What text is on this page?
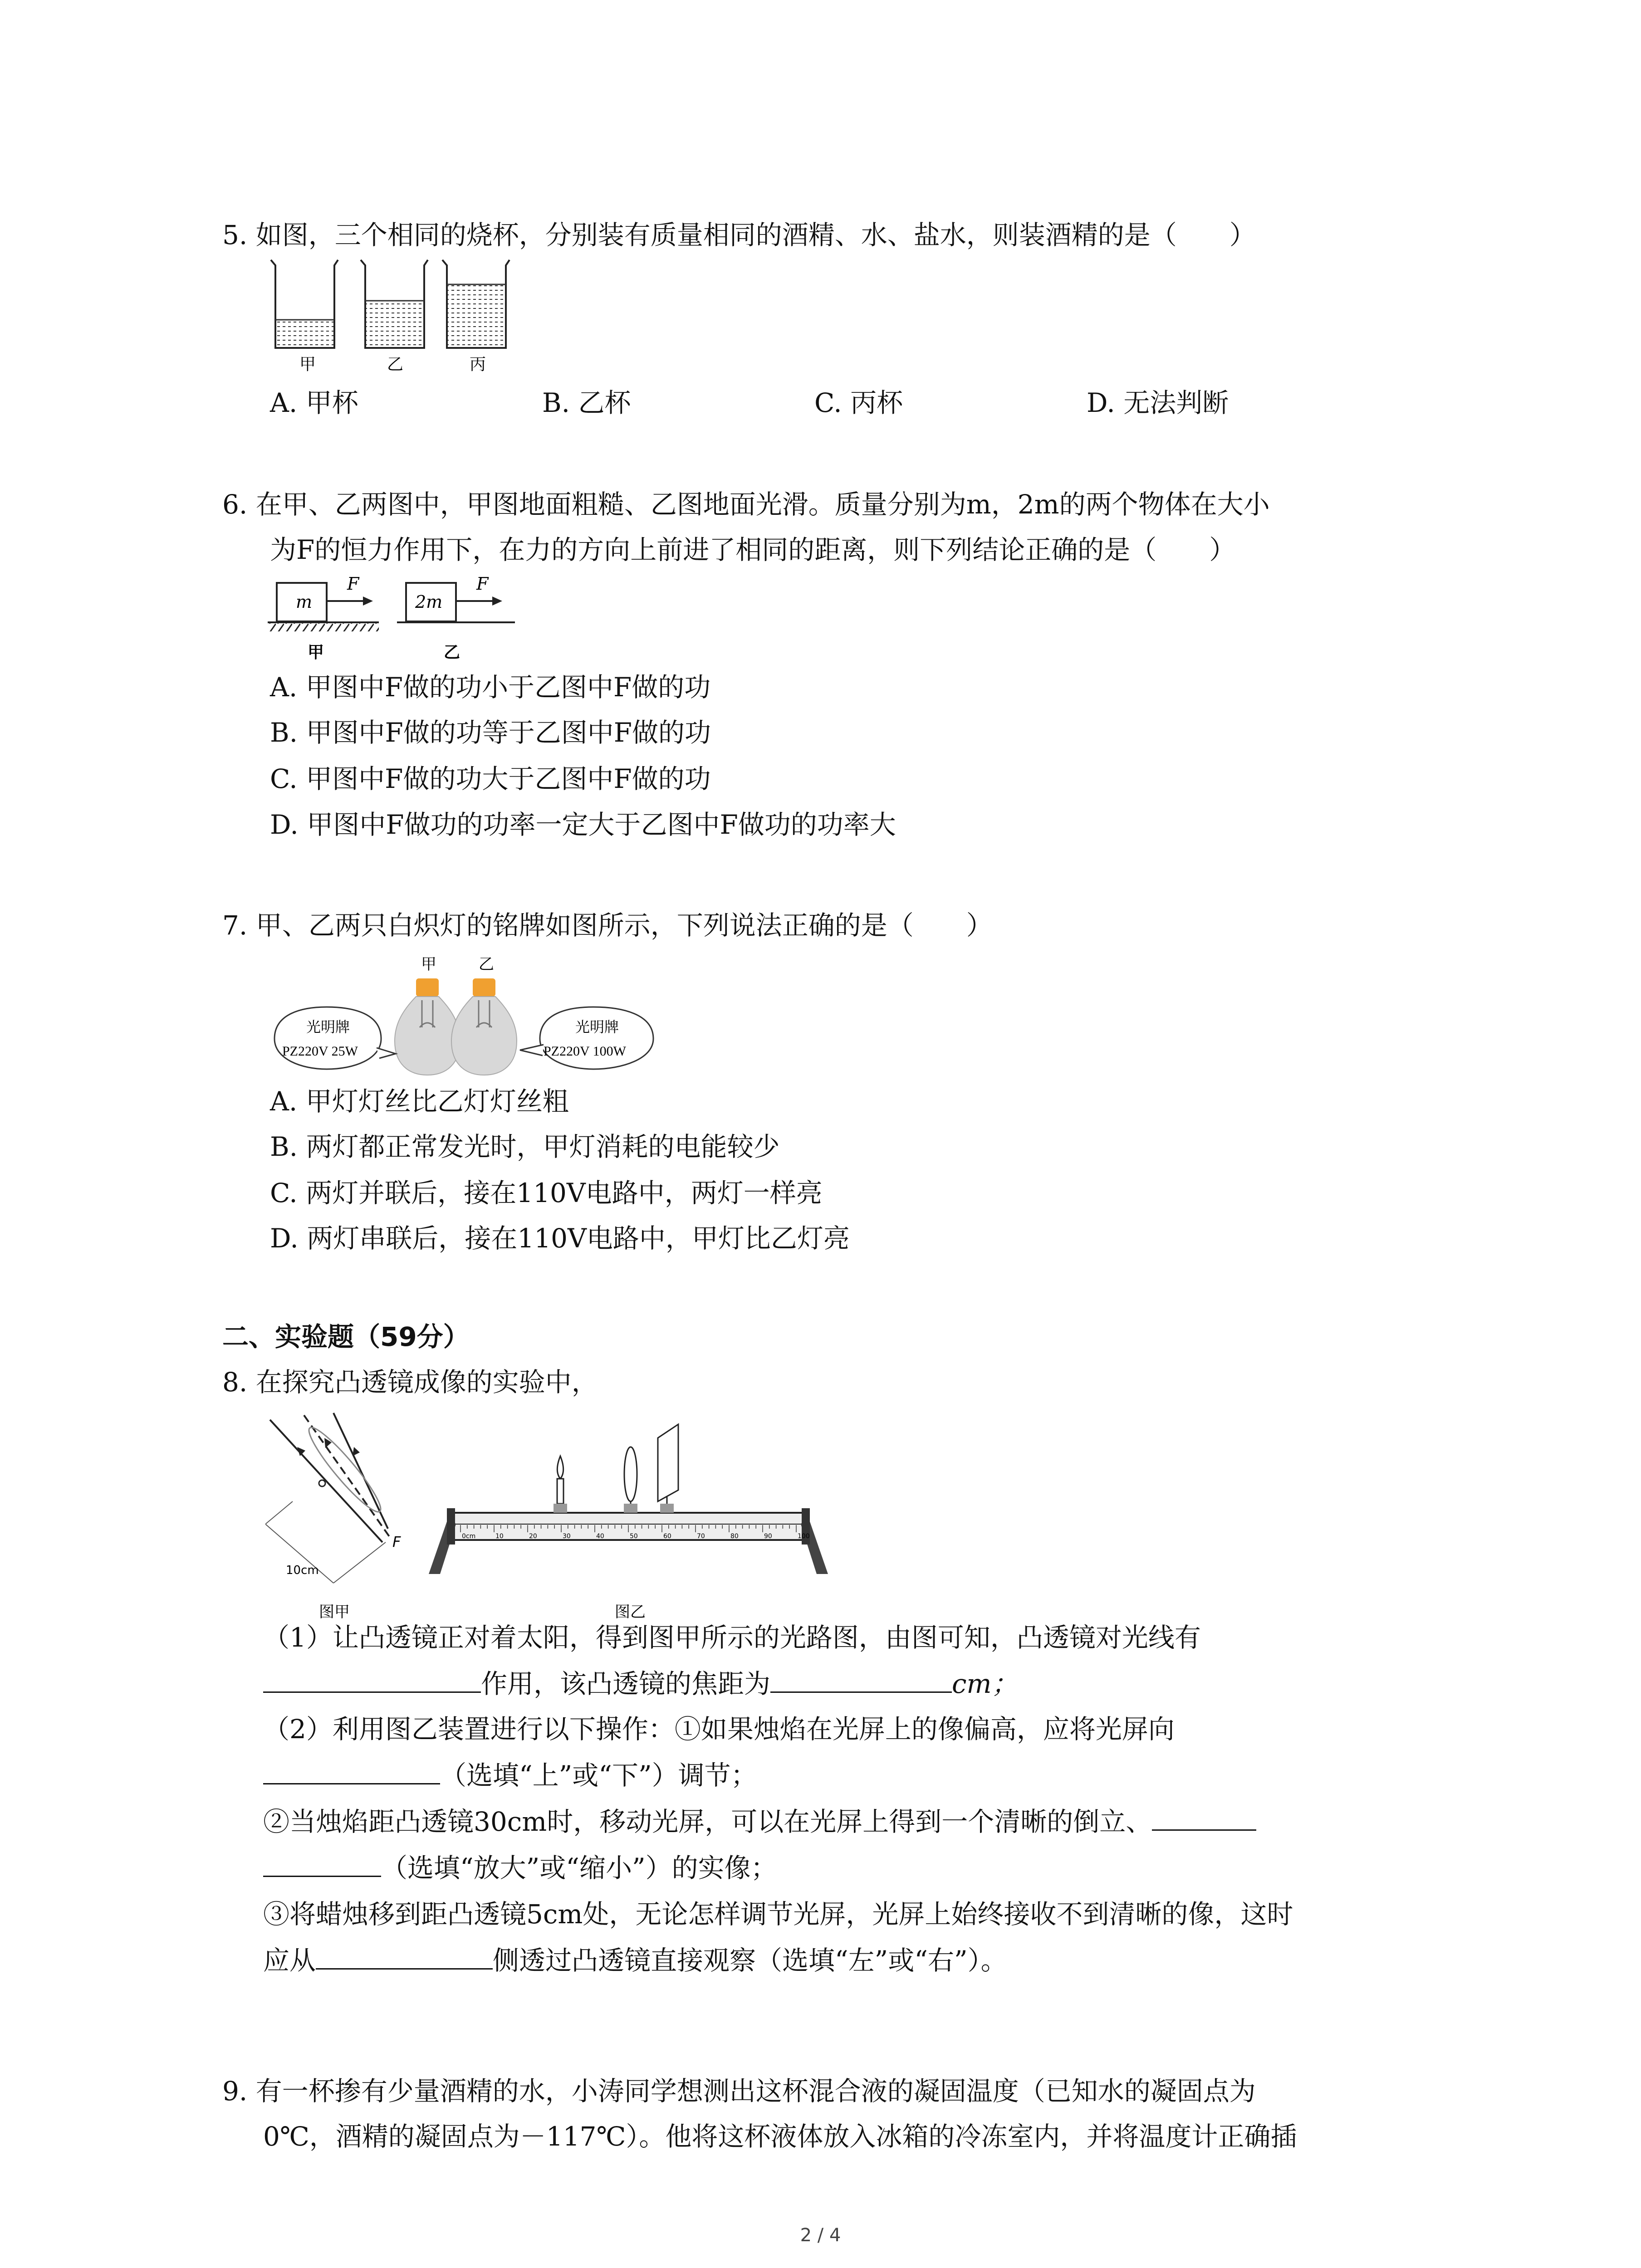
5. 如图，三个相同的烧杯，分别装有质量相同的酒精、水、盐水，则装酒精的是（　　）
甲	乙	丙
A. 甲杯	B. 乙杯	C. 丙杯	D. 无法判断
6. 在甲、乙两图中，甲图地面粗糙、乙图地面光滑。质量分别为m，2m的两个物体在大小
为F的恒力作用下，在力的方向上前进了相同的距离，则下列结论正确的是（　　）
m
F
2m
F
甲	乙
A. 甲图中F做的功小于乙图中F做的功
B. 甲图中F做的功等于乙图中F做的功
C. 甲图中F做的功大于乙图中F做的功
D. 甲图中F做功的功率一定大于乙图中F做功的功率大
7. 甲、乙两只白炽灯的铭牌如图所示，下列说法正确的是（　　）
甲	乙
光明牌
PZ220V 25W
光明牌
PZ220V 100W
A. 甲灯灯丝比乙灯灯丝粗
B. 两灯都正常发光时，甲灯消耗的电能较少
C. 两灯并联后，接在110V电路中，两灯一样亮
D. 两灯串联后，接在110V电路中，甲灯比乙灯亮
二、实验题（59分）
8. 在探究凸透镜成像的实验中，
10cm
F
图甲
0cm	10	20	30	40	50	60	70	80	90	100
图乙
（1）让凸透镜正对着太阳，得到图甲所示的光路图，由图可知，凸透镜对光线有
作用，该凸透镜的焦距为	cm；
（2）利用图乙装置进行以下操作：①如果烛焰在光屏上的像偏高，应将光屏向
（选填“上”或“下”）调节；
②当烛焰距凸透镜30cm时，移动光屏，可以在光屏上得到一个清晰的倒立、
（选填“放大”或“缩小”）的实像；
③将蜡烛移到距凸透镜5cm处，无论怎样调节光屏，光屏上始终接收不到清晰的像，这时
应从	侧透过凸透镜直接观察（选填“左”或“右”）。
9. 有一杯掺有少量酒精的水，小涛同学想测出这杯混合液的凝固温度（已知水的凝固点为
0℃，酒精的凝固点为－117℃）。他将这杯液体放入冰箱的冷冻室内，并将温度计正确插
2 / 4
